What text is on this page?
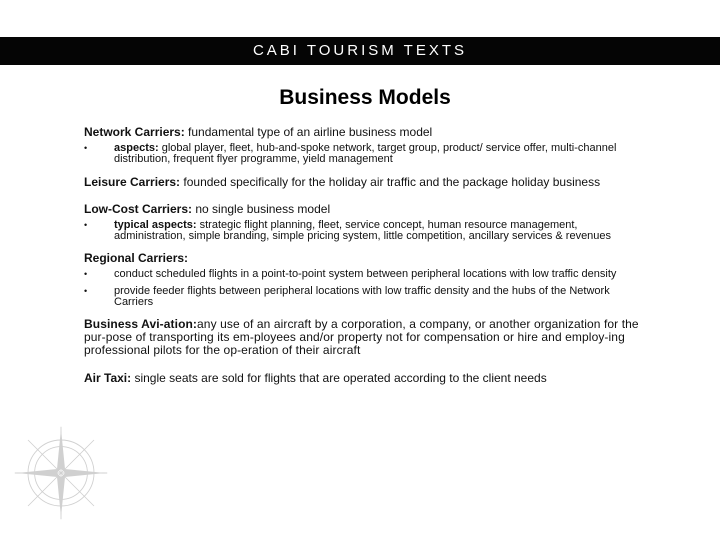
CABI TOURISM TEXTS
Business Models

Network Carriers: fundamental type of an airline business model

• aspects: global player, fleet, hub-and-spoke network, target group, product/ service offer, multi-channel distribution, frequent flyer programme, yield management

Leisure Carriers: founded specifically for the holiday air traffic and the package holiday business

Low-Cost Carriers: no single business model

• typical aspects: strategic flight planning, fleet, service concept, human resource management, administration, simple branding, simple pricing system, little competition, ancillary services & revenues

Regional Carriers:

• conduct scheduled flights in a point-to-point system between peripheral locations with low traffic density
• provide feeder flights between peripheral locations with low traffic density and the hubs of the Network Carriers

Business Avi-ation:any use of an aircraft by a corporation, a company, or another organization for the pur-pose of transporting its em-ployees and/or property not for compensation or hire and employ-ing professional pilots for the op-eration of their aircraft

Air Taxi: single seats are sold for flights that are operated according to the client needs
